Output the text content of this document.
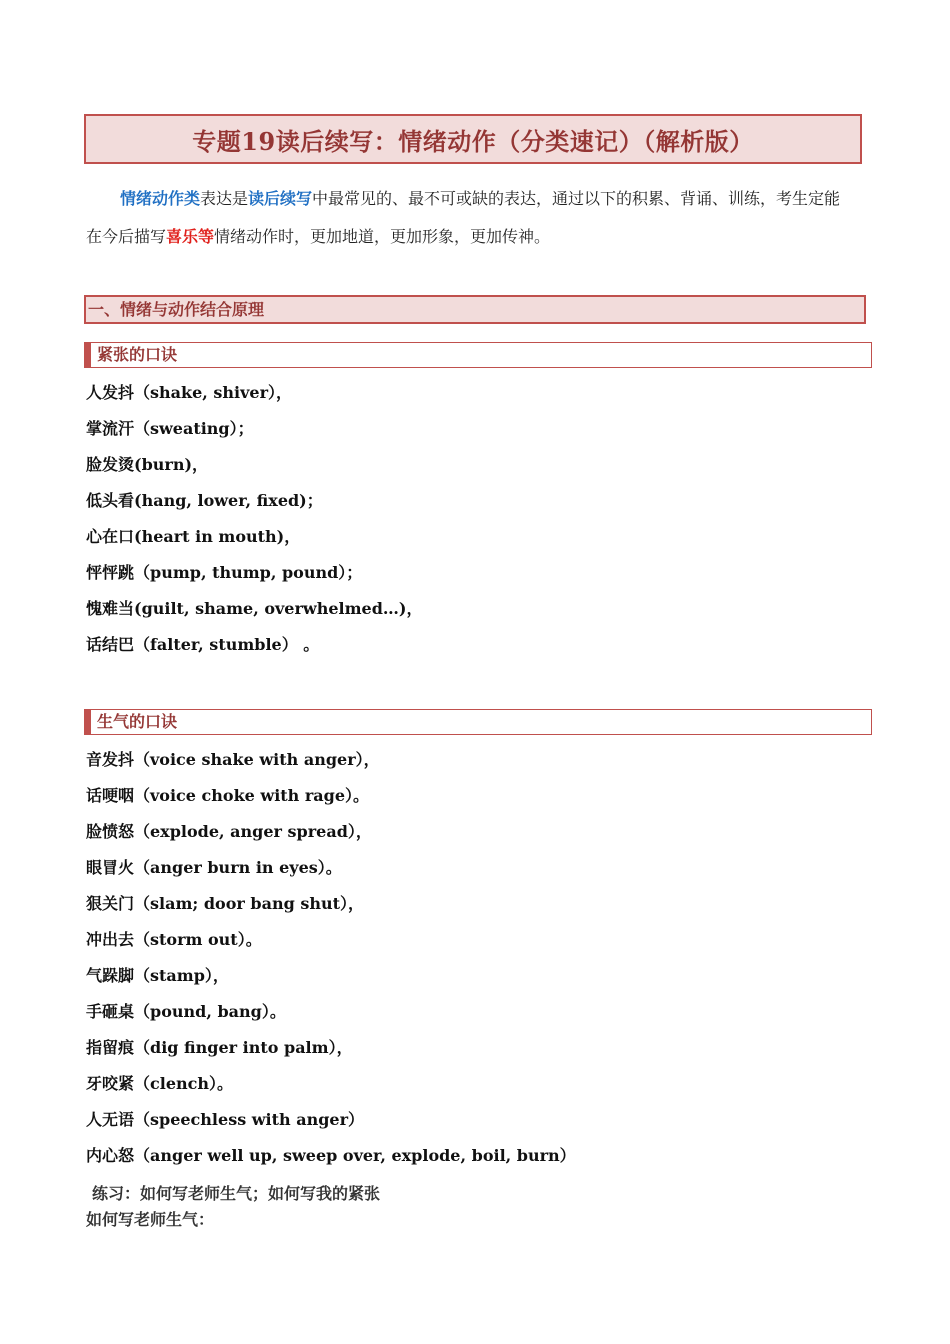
专题19读后续写：情绪动作（分类速记）（解析版）
情绪动作类表达是读后续写中最常见的、最不可或缺的表达，通过以下的积累、背诵、训练，考生定能在今后描写喜乐等情绪动作时，更加地道，更加形象，更加传神。
一、情绪与动作结合原理
紧张的口诀
人发抖（shake, shiver），
掌流汗（sweating）；
脸发烫(burn)，
低头看(hang, lower, fixed)；
心在口(heart in mouth)，
怦怦跳（pump, thump, pound）；
愧难当(guilt, shame, overwhelmed…)，
话结巴（falter, stumble） 。
生气的口诀
音发抖（voice shake with anger），
话哽咽（voice choke with rage）。
脸愤怒（explode, anger spread），
眼冒火（anger burn in eyes）。
狠关门（slam; door bang shut），
冲出去（storm out）。
气跺脚（stamp），
手砸桌（pound, bang）。
指留痕（dig finger into palm），
牙咬紧（clench）。
人无语（speechless with anger）
内心怒（anger well up, sweep over, explode, boil, burn）
练习：如何写老师生气；如何写我的紧张
如何写老师生气：
